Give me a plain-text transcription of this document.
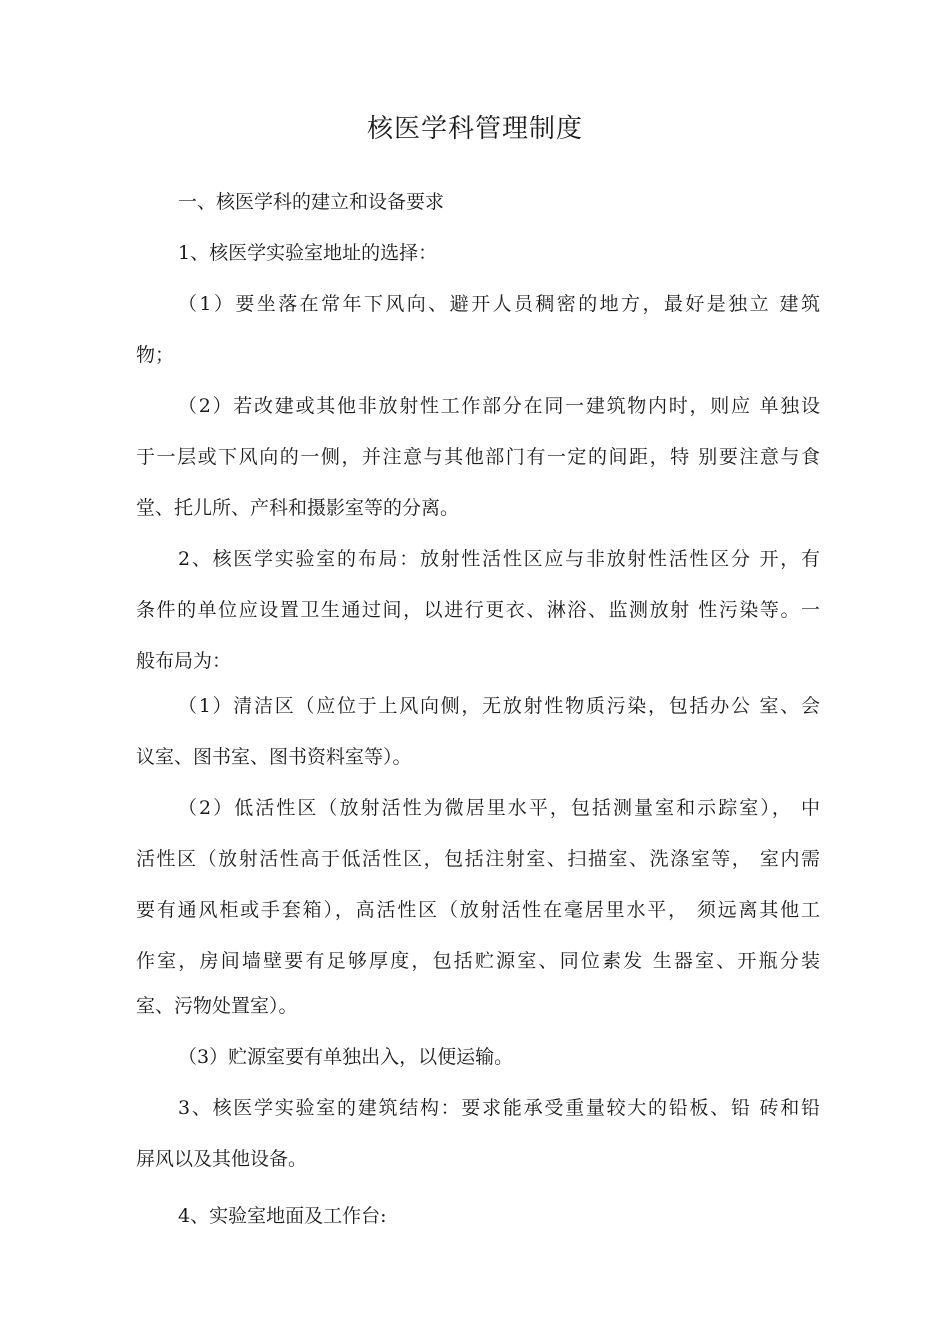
核医学科管理制度
一、核医学科的建立和设备要求
1、核医学实验室地址的选择：
（1）要坐落在常年下风向、避开人员稠密的地方，最好是独立 建筑
物；
（2）若改建或其他非放射性工作部分在同一建筑物内时，则应 单独设
于一层或下风向的一侧，并注意与其他部门有一定的间距，特 别要注意与食
堂、托儿所、产科和摄影室等的分离。
2、核医学实验室的布局：放射性活性区应与非放射性活性区分 开，有
条件的单位应设置卫生通过间，以进行更衣、淋浴、监测放射 性污染等。一
般布局为：
（1）清洁区（应位于上风向侧，无放射性物质污染，包括办公 室、会
议室、图书室、图书资料室等）。
（2）低活性区（放射活性为微居里水平，包括测量室和示踪室）， 中
活性区（放射活性高于低活性区，包括注射室、扫描室、洗涤室等， 室内需
要有通风柜或手套箱），高活性区（放射活性在毫居里水平， 须远离其他工
作室，房间墙壁要有足够厚度，包括贮源室、同位素发 生器室、开瓶分装
室、污物处置室）。
（3）贮源室要有单独出入，以便运输。
3、核医学实验室的建筑结构：要求能承受重量较大的铅板、铅 砖和铅
屏风以及其他设备。
4、实验室地面及工作台:
